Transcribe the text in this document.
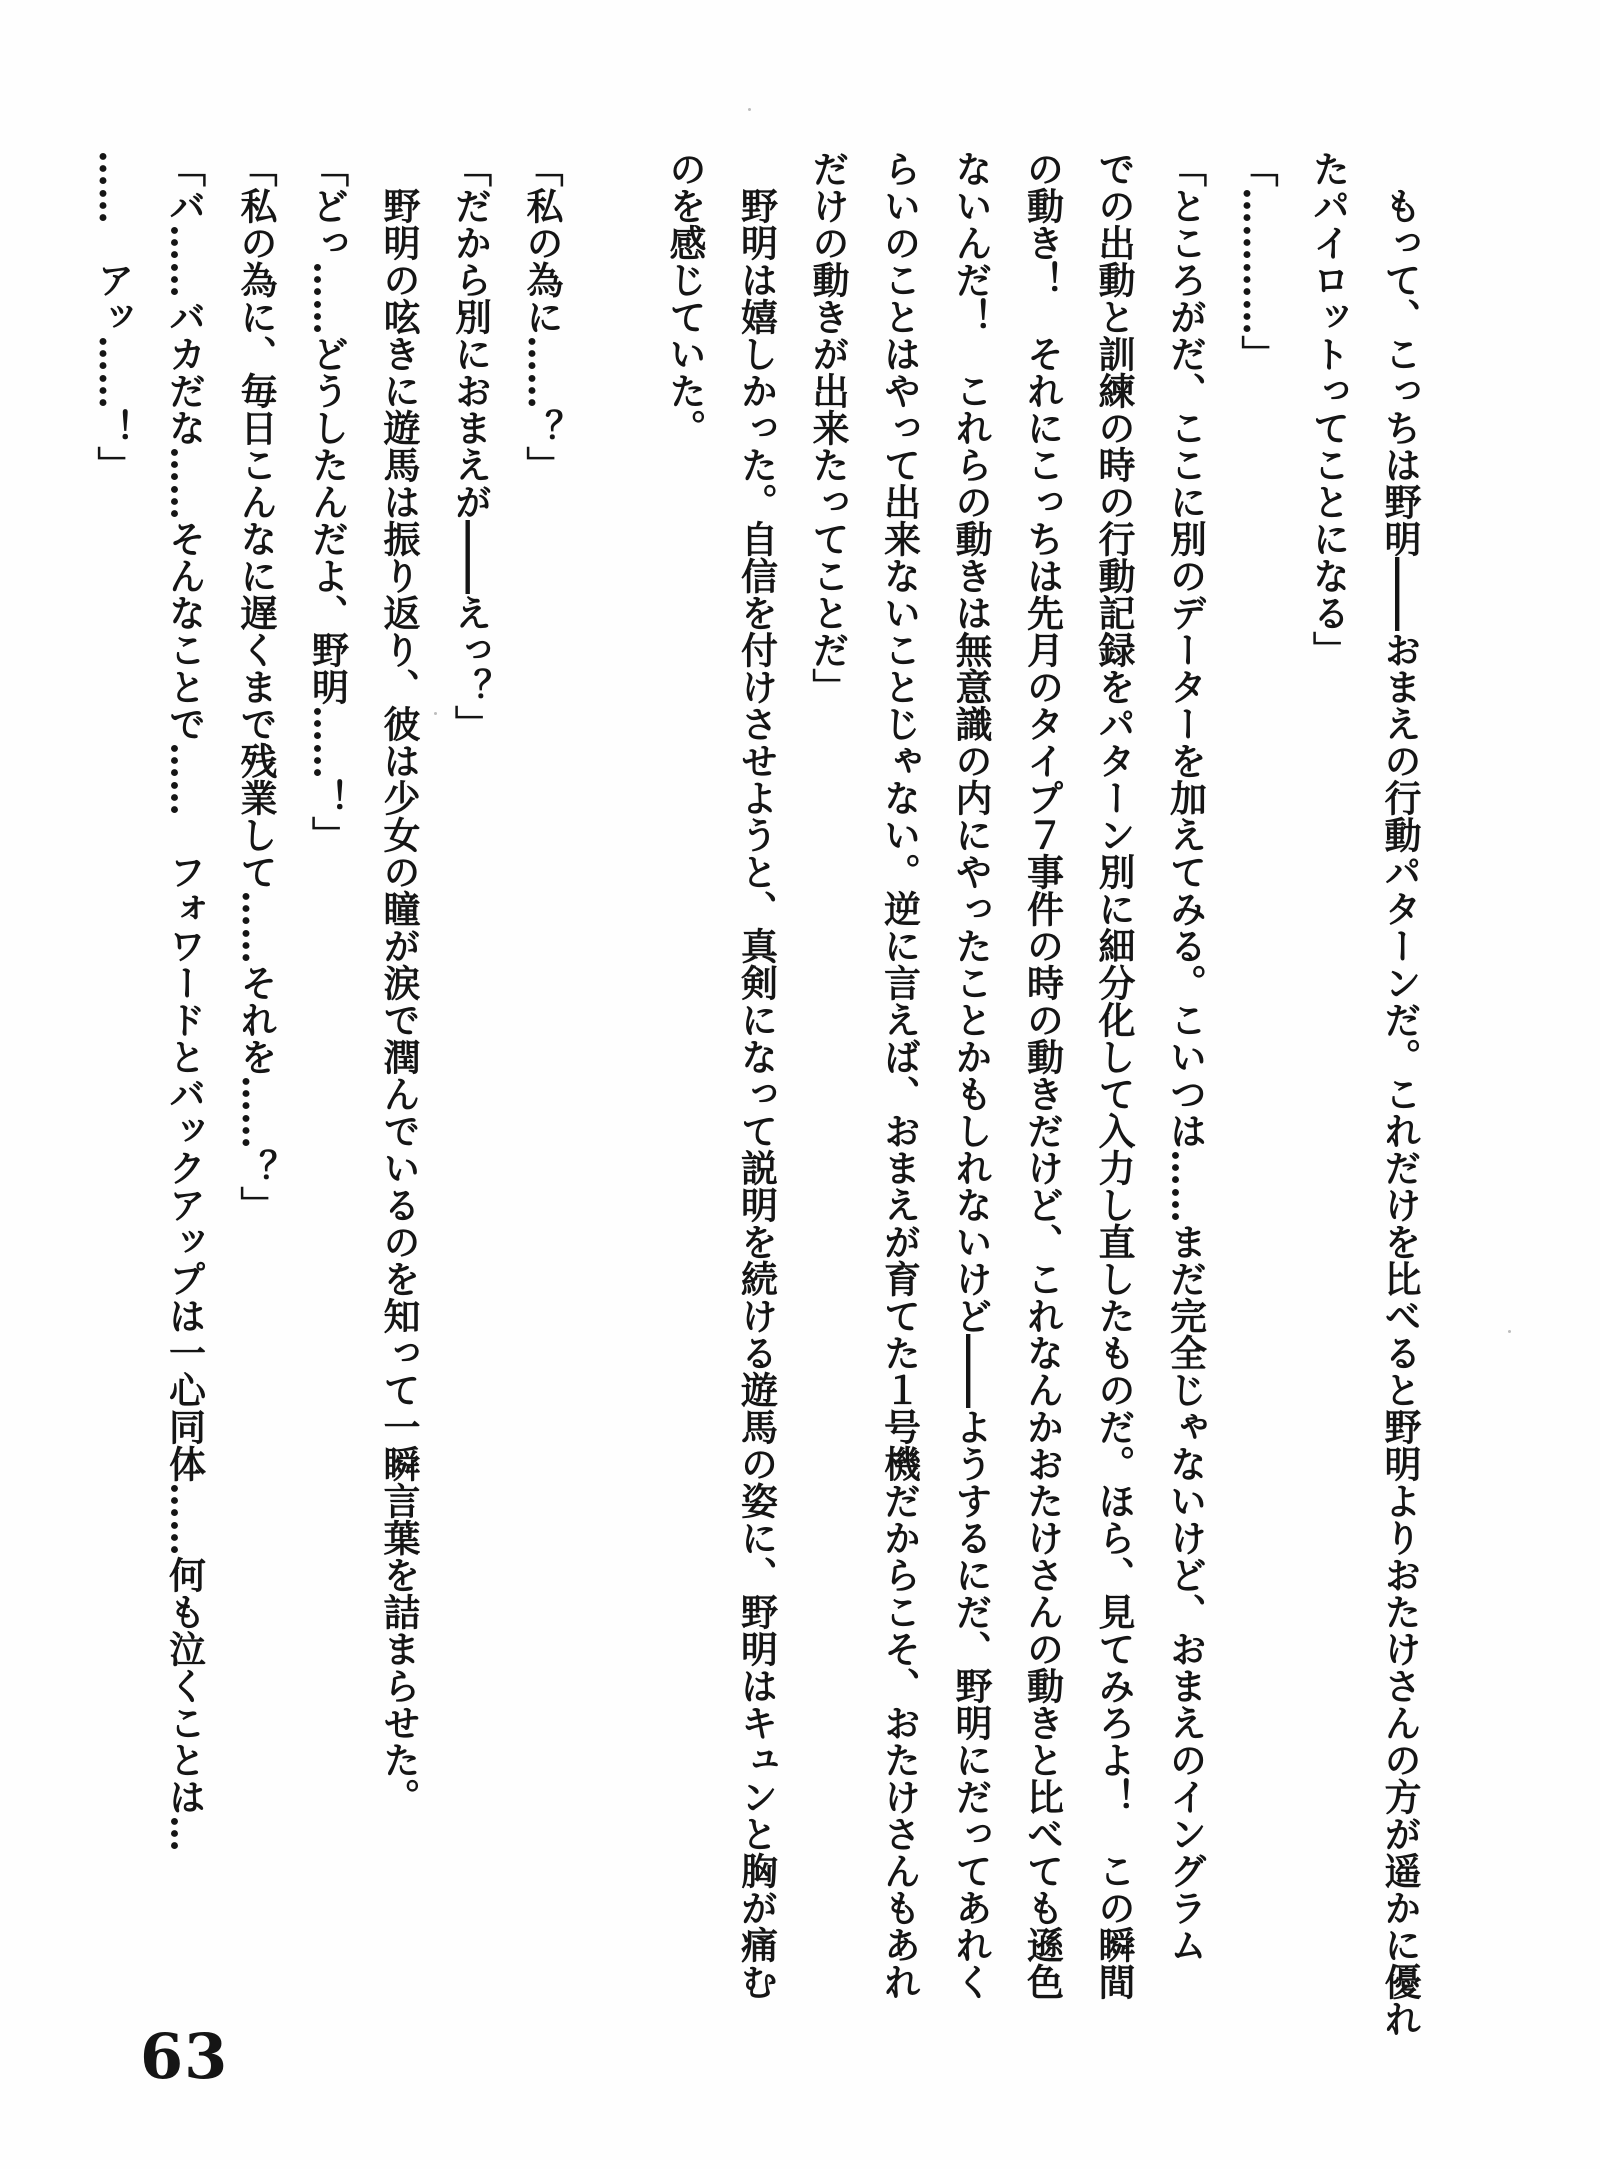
もって、こっちは野明――おまえの行動パターンだ。これだけを比べると野明よりおたけさんの方が遥かに優れ

たパイロットってことになる」

「…………」

「ところがだ、ここに別のデーターを加えてみる。こいつは……まだ完全じゃないけど、おまえのイングラム

での出動と訓練の時の行動記録をパターン別に細分化して入力し直したものだ。ほら、見てみろよ！　この瞬間

の動き！　それにこっちは先月のタイプ７事件の時の動きだけど、これなんかおたけさんの動きと比べても遜色

ないんだ！　これらの動きは無意識の内にやったことかもしれないけど――ようするにだ、野明にだってあれく

らいのことはやって出来ないことじゃない。逆に言えば、おまえが育てた１号機だからこそ、おたけさんもあれ

だけの動きが出来たってことだ」

野明は嬉しかった。自信を付けさせようと、真剣になって説明を続ける遊馬の姿に、野明はキュンと胸が痛む

のを感じていた。

「私の為に……？」

「だから別におまえが――えっ？」

野明の呟きに遊馬は振り返り、彼は少女の瞳が涙で潤んでいるのを知って一瞬言葉を詰まらせた。

「どっ……どうしたんだよ、野明……！」

「私の為に、毎日こんなに遅くまで残業して……それを……？」

「バ……バカだな……そんなことで……　フォワードとバックアップは一心同体……何も泣くことは…

……　アッ……！」

63
